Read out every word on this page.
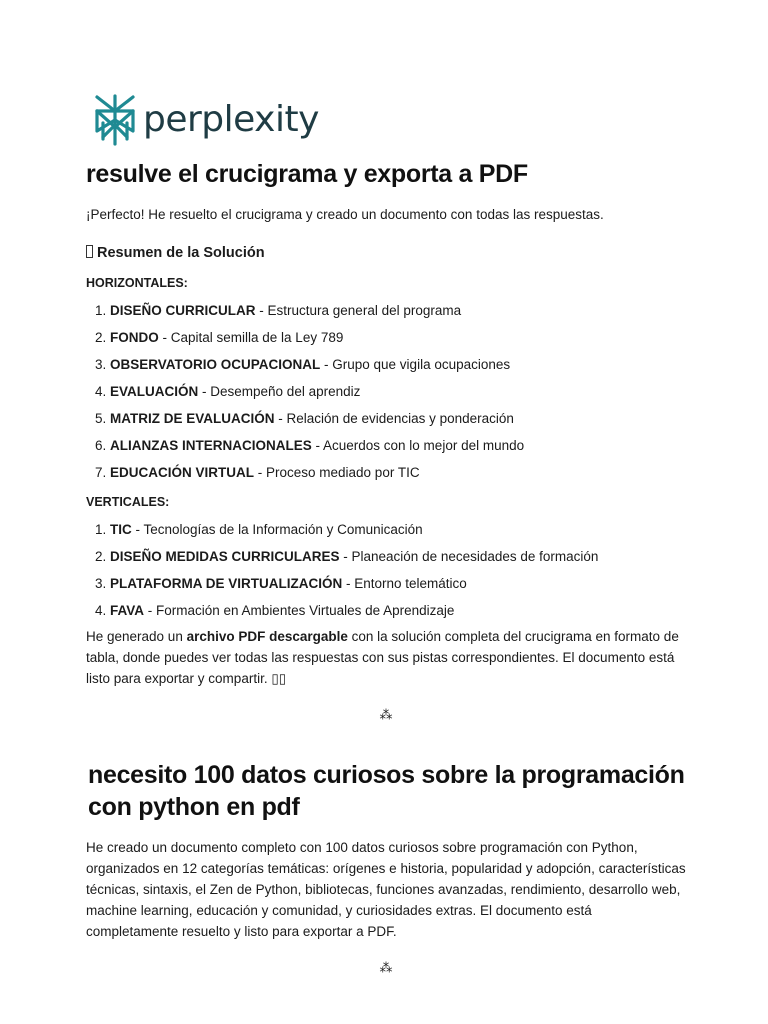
perplexity
resulve el crucigrama y exporta a PDF

¡Perfecto! He resuelto el crucigrama y creado un documento con todas las respuestas.

Resumen de la Solución
HORIZONTALES:
1. DISEÑO CURRICULAR - Estructura general del programa
2. FONDO - Capital semilla de la Ley 789
3. OBSERVATORIO OCUPACIONAL - Grupo que vigila ocupaciones
4. EVALUACIÓN - Desempeño del aprendiz
5. MATRIZ DE EVALUACIÓN - Relación de evidencias y ponderación
6. ALIANZAS INTERNACIONALES - Acuerdos con lo mejor del mundo
7. EDUCACIÓN VIRTUAL - Proceso mediado por TIC
VERTICALES:
1. TIC - Tecnologías de la Información y Comunicación
2. DISEÑO MEDIDAS CURRICULARES - Planeación de necesidades de formación
3. PLATAFORMA DE VIRTUALIZACIÓN - Entorno telemático
4. FAVA - Formación en Ambientes Virtuales de Aprendizaje

He generado un archivo PDF descargable con la solución completa del crucigrama en formato de tabla, donde puedes ver todas las respuestas con sus pistas correspondientes. El documento está listo para exportar y compartir. ▯▯

⁂
necesito 100 datos curiosos sobre la programación con python en pdf

He creado un documento completo con 100 datos curiosos sobre programación con Python, organizados en 12 categorías temáticas: orígenes e historia, popularidad y adopción, características técnicas, sintaxis, el Zen de Python, bibliotecas, funciones avanzadas, rendimiento, desarrollo web, machine learning, educación y comunidad, y curiosidades extras. El documento está completamente resuelto y listo para exportar a PDF.

⁂
